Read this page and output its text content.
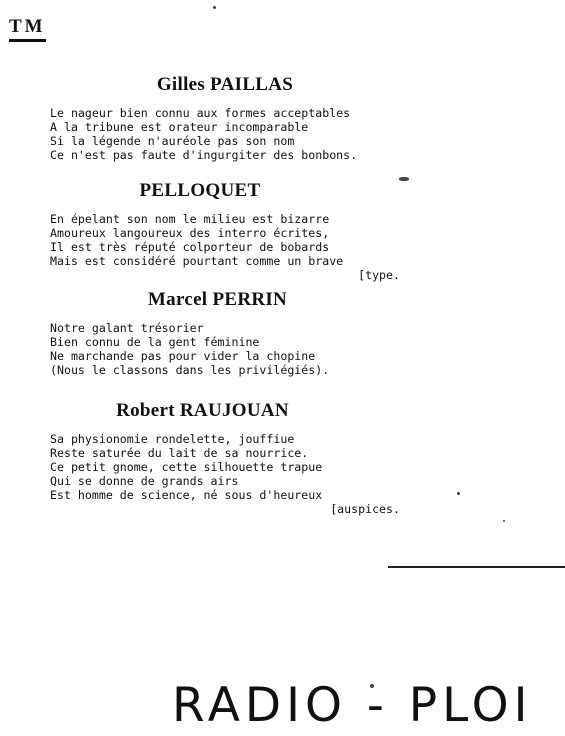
TM
Gilles PAILLAS
Le nageur bien connu aux formes acceptables
A la tribune est orateur incomparable
Si la légende n'auréole pas son nom
Ce n'est pas faute d'ingurgiter des bonbons.
PELLOQUET
En épelant son nom le milieu est bizarre
Amoureux langoureux des interro écrites,
Il est très réputé colporteur de bobards
Mais est considéré pourtant comme un brave
[type.
Marcel PERRIN
Notre galant trésorier
Bien connu de la gent féminine
Ne marchande pas pour vider la chopine
(Nous le classons dans les privilégiés).
Robert RAUJOUAN
Sa physionomie rondelette, jouffiue
Reste saturée du lait de sa nourrice.
Ce petit gnome, cette silhouette trapue
Qui se donne de grands airs
Est homme de science, né sous d'heureux
[auspices.
RADIO - PLOI
